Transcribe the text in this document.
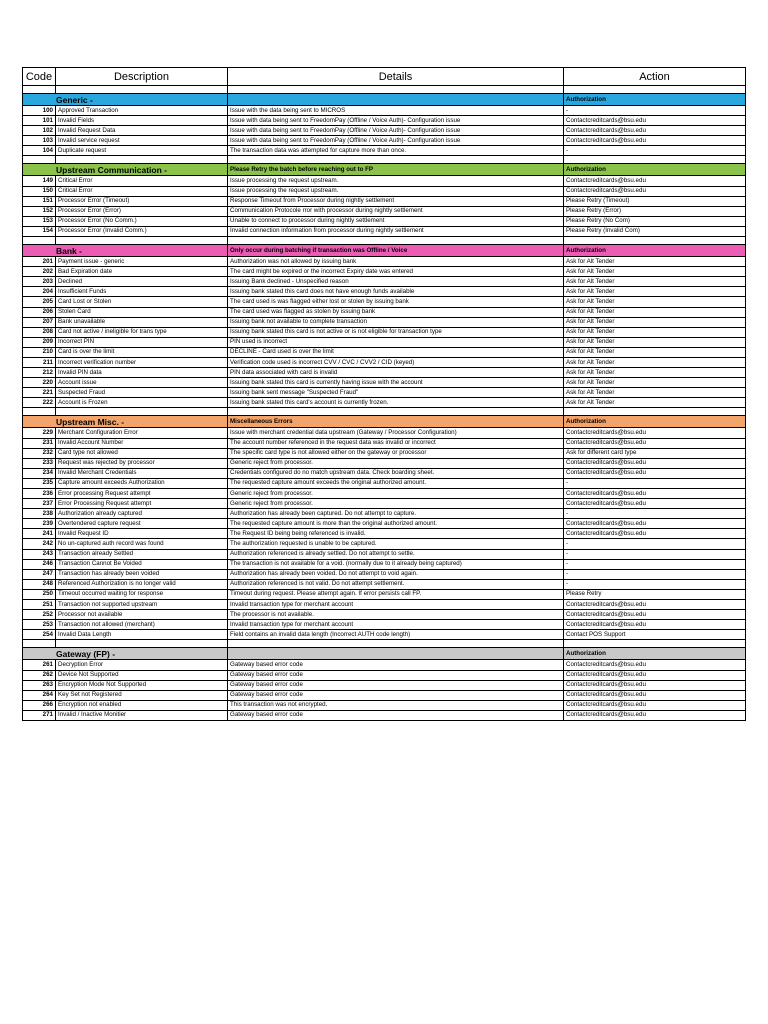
Code	Description	Details	Action

Generic -			Authorization
100	Approved Transaction	Issue with the data being sent to MICROS	-
101	Invalid Fields	Issue with data being sent to FreedomPay (Offline / Voice Auth)- Configuration issue	Contactcreditcards@bsu.edu
102	Invalid Request Data	Issue with data being sent to FreedomPay (Offline / Voice Auth)- Configuration issue	Contactcreditcards@bsu.edu
103	Invalid service request	Issue with data being sent to FreedomPay (Offline / Voice Auth)- Configuration issue	Contactcreditcards@bsu.edu
104	Duplicate request	The transaction data was attempted for capture more than once.	-

Upstream Communication -		Please Retry the batch before reaching out to FP	Authorization
149	Critical Error	Issue processing the request upstream.	Contactcreditcards@bsu.edu
150	Critical Error	Issue processing the request upstream.	Contactcreditcards@bsu.edu
151	Processor Error (Timeout)	Response Timeout from Processor during nightly settlement	Please Retry (Timeout)
152	Processor Error (Error)	Communication Protocole rror with processor during nightly settlement	Please Retry (Error)
153	Processor Error (No Comm.)	Unable to connect to processor during nightly settlement	Please Retry (No Com)
154	Processor Error (Invalid Comm.)	Invalid connection information from processor during nightly settlement	Please Retry (Invalid Com)

Bank -		Only occur during batching if transaction was Offline / Voice	Authorization
201	Payment issue - generic	Authorization was not allowed by issuing bank	Ask for Alt Tender
202	Bad Expiration date	The card might be expired or the incorrect Expiry date was entered	Ask for Alt Tender
203	Declined	Issuing Bank declined - Unspecified reason	Ask for Alt Tender
204	Insufficient Funds	Issuing bank stated this card does not have enough funds available	Ask for Alt Tender
205	Card Lost or Stolen	The card used is was flagged either lost or stolen by issuing bank	Ask for Alt Tender
206	Stolen Card	The card used was flagged as stolen by issuing bank	Ask for Alt Tender
207	Bank unavailable	Issuing bank not available to complete transaction	Ask for Alt Tender
208	Card not active / ineligible for trans type	Issuing bank stated this card is not active or is not eligible for transaction type	Ask for Alt Tender
209	Incorrect PIN	PIN used is incorrect	Ask for Alt Tender
210	Card is over the limit	DECLINE - Card used is over the limit	Ask for Alt Tender
211	Incorrect verification number	Verification code used is incorrect CVV / CVC / CVV2 / CID (keyed)	Ask for Alt Tender
212	Invalid PIN data	PIN data associated with card is invalid	Ask for Alt Tender
220	Account issue	Issuing bank stated this card is currently having issue with the account	Ask for Alt Tender
221	Suspected Fraud	Issuing bank sent message "Suspected Fraud"	Ask for Alt Tender
222	Account is Frozen	Issuing bank stated this card's account is currently frozen.	Ask for Alt Tender

Upstream Misc. -		Miscellaneous Errors	Authorization
229	Merchant Configuration Error	Issue with merchant credential data upstream (Gateway / Processor Configuration)	Contactcreditcards@bsu.edu
231	Invalid Account Number	The account number referenced in the request data was invalid or incorrect	Contactcreditcards@bsu.edu
232	Card type not allowed	The specific card type is not allowed either on the gateway or processor	Ask for different card type
233	Request was rejected by processor	Generic reject from processor.	Contactcreditcards@bsu.edu
234	Invalid Merchant Credentials	Credentials configured do no match upstream data. Check boarding sheet.	Contactcreditcards@bsu.edu
235	Capture amount exceeds Authorization	The requested capture amount exceeds the original authorized amount.	-
236	Error processing Request attempt	Generic reject from processor.	Contactcreditcards@bsu.edu
237	Error Processing Request attempt	Generic reject from processor.	Contactcreditcards@bsu.edu
238	Authorization already captured	Authorization has already been captured. Do not attempt to capture.	-
239	Overtendered capture request	The requested capture amount is more than the original authorized amount.	Contactcreditcards@bsu.edu
241	Invalid Request ID	The Request ID being being referenced is invalid.	Contactcreditcards@bsu.edu
242	No un-captured auth record was found	The authorization requested is unable to be captured.	-
243	Transaction already Settled	Authorization referenced is already settled. Do not attempt to settle.	-
246	Transaction Cannot Be Voided	The transaction is not available for a void. (normally due to it already being captured)	-
247	Transaction has already been voided	Authorization has already been voided. Do not attempt to void again.	-
248	Referenced Authorization is no longer valid	Authorization referenced is not valid. Do not attempt settlement.	-
250	Timeout occurred waiting for response	Timeout during request. Please attempt again. If error persists call FP.	Please Retry
251	Transaction not supported upstream	Invalid transaction type for merchant account	Contactcreditcards@bsu.edu
252	Processor not available	The processor is not available.	Contactcreditcards@bsu.edu
253	Transaction not allowed (merchant)	Invalid transaction type for merchant account	Contactcreditcards@bsu.edu
254	Invalid Data Length	Field contains an invalid data length (Incorrect AUTH code length)	Contact POS Support

Gateway (FP) -			Authorization
261	Decryption Error	Gateway based error code	Contactcreditcards@bsu.edu
262	Device Not Supported	Gateway based error code	Contactcreditcards@bsu.edu
263	Encryption Mode Not Supported	Gateway based error code	Contactcreditcards@bsu.edu
264	Key Set not Registered	Gateway based error code	Contactcreditcards@bsu.edu
266	Encryption not enabled	This transaction was not encrypted.	Contactcreditcards@bsu.edu
271	Invalid / Inactive Monitier	Gateway based error code	Contactcreditcards@bsu.edu
